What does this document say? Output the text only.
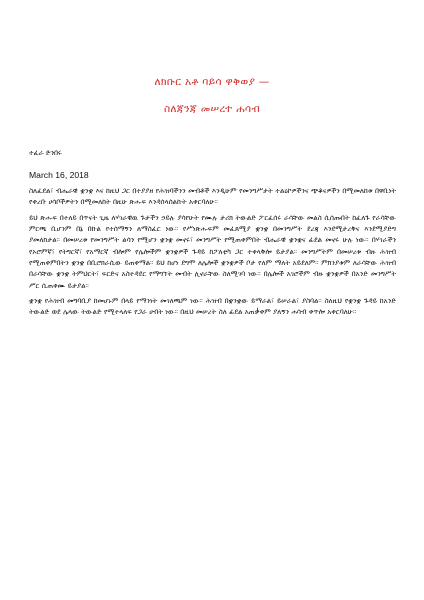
ለክቡር አቶ ባይሳ ዋቅወያ —
ስለጃንጃ መሠረተ ሐሳብ
ተፈራ ድንበሩ
March 16, 2018

ስለፈደል፣ ብሔራዊ ቋንቋ እና ከዚህ ጋር በተያያዘ የሕዝባችንን መብቶች እንዲሁም የመንግሥታት ተልዕኮዎችንና ጭቆናዎችን በሚመለከቱ በዋቢነት የቀረቡ ሀሳቦችዎትን በሚመለከት በዚሁ ጽሑፍ እንዳሰላሰልኩት አቀርባለሁ።

ይህ ጽሑፍ በተለይ በጥናት ጊዜ ለሃገራዊዉ ጉታችን ኃይሉ ያሳየሁት የሙሉ ታሪክ ትውልድ ፖርፈሰሩ ራሳቸው መልስ ሲሰጡበት ከፈለጉ የራሳቸው ምርጫ ቢሆንም በኔ በኩል የተሰማኝን ለማስፈር ነው። የሥነጽሑፍም መፈጸሚያ ቋንቋ በመንግሥት ደረጃ እንደሚታረቅና እንደሚያድግ ያመለክታል። በመሠረቱ የመንግሥት ልሳን የሚሆን ቋንቋ መኖሩ፣ መንግሥት የሚጠቀምበት ብሔራዊ ቋንቋና ፊደል መኖሩ ሁሉ ነው። በሃገራችን የኦሮምኛ፣ የትግርኛ፣ የአማርኛ ብሎም የሌሎችም ቋንቋዎች ጉዳይ ከፖለቲካ ጋር ተቀላቅሎ ይታያል። መንግሥትም በመሠረቱ ብዙ ሕዝብ የሚጠቀምበትን ቋንቋ በቢሮክራሲው ይጠቀማል። ይህ ከሆነ ደግሞ ለሌሎች ቋንቋዎች ቦታ የለም ማለት አይደለም። ምክንያቱም ለራሳቸው ሕዝብ በራሳቸው ቋንቋ ትምህርት፣ ፍርድና አስተዳደር የማግኘት መብት ሊኖራቸው ስለሚገባ ነው። በሌሎች አገሮችም ብዙ ቋንቋዎች በአንድ መንግሥት ሥር ሲጠቀሙ ይታያል።

ቋንቋ የሕዝብ መግባቢያ ከመሆኑም በላይ የማንነት መገለጫም ነው። ሕዝብ በቋንቋው ይማራል፣ ይሠራል፣ ያስባል። ስለዚህ የቋንቋ ጉዳይ ከአንድ ትውልድ ወደ ሌላው ትውልድ የሚተላለፍ የጋራ ሀብት ነው። በዚህ መሠረት ስለ ፊደል አጠቃቀም ያለኝን ሐሳብ ቀጥሎ አቀርባለሁ።
